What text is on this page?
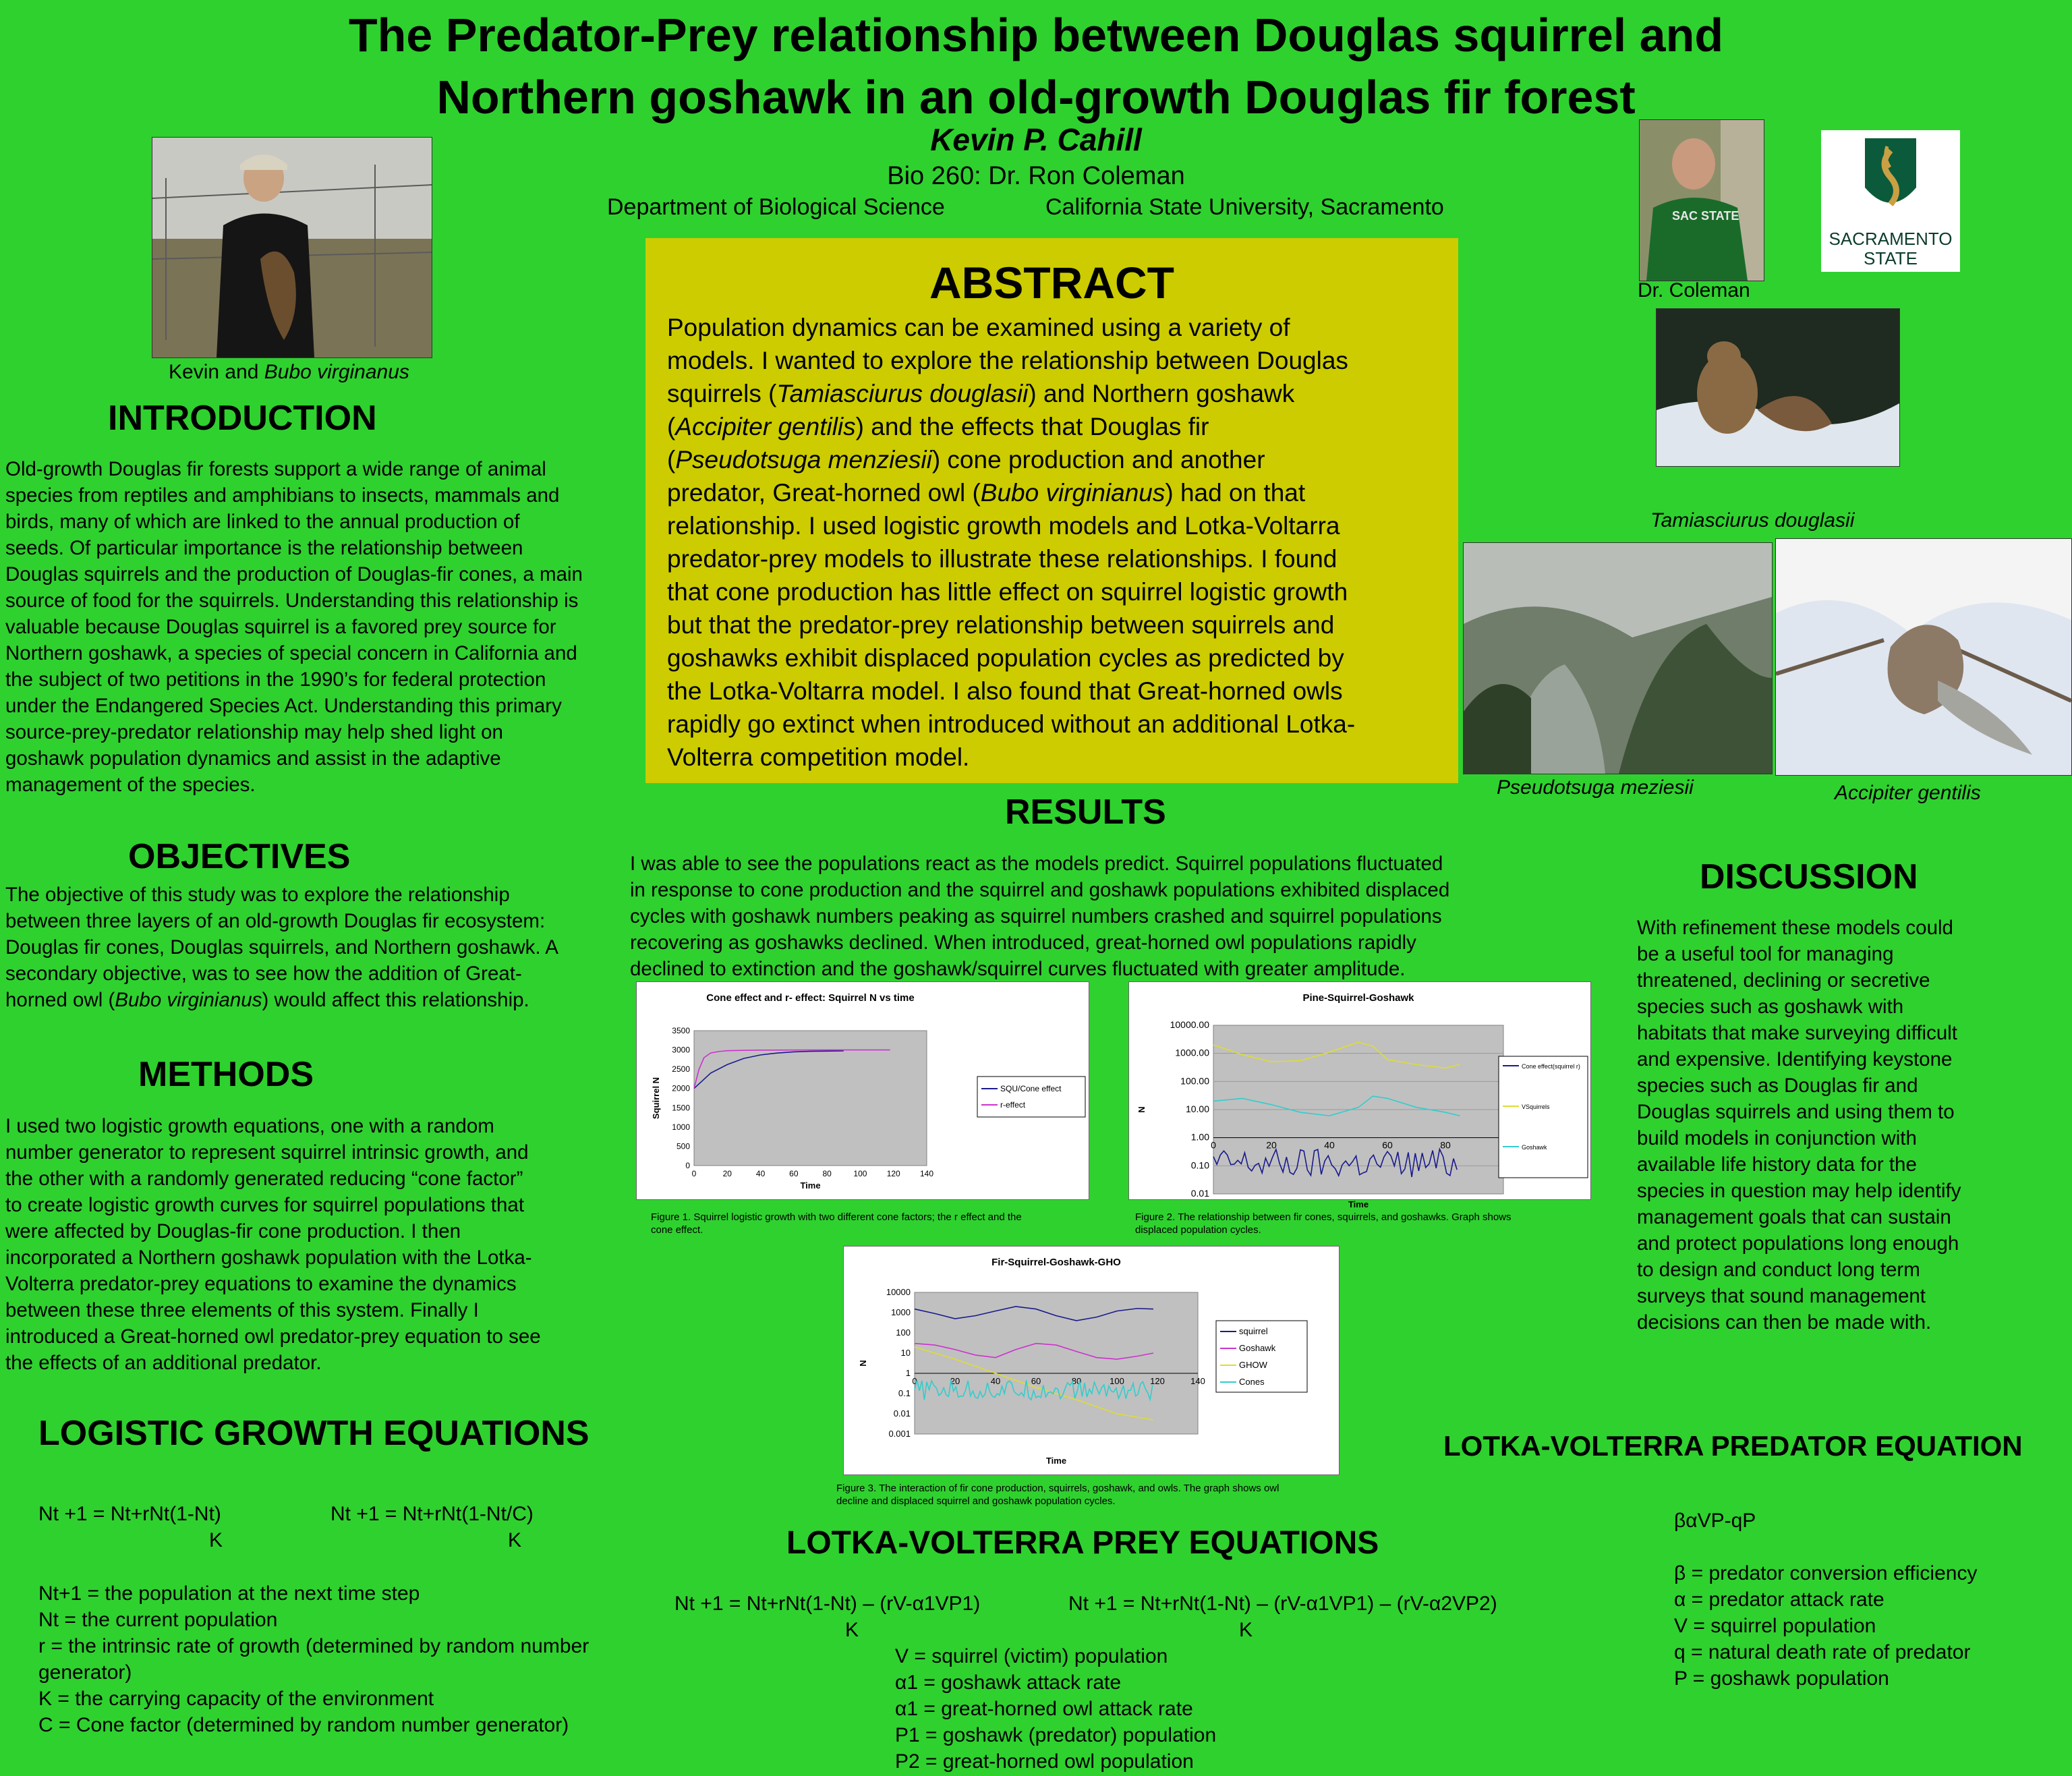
The Predator-Prey relationship between Douglas squirrel and
Northern goshawk in an old-growth Douglas fir forest
Kevin P. Cahill
Bio 260: Dr. Ron Coleman
Department of Biological Science	California State University, Sacramento
Kevin and Bubo virginanus
SAC STATE
Dr. Coleman
SACRAMENTO
STATE
Tamiasciurus douglasii
Pseudotsuga meziesii	Accipiter gentilis
ABSTRACT
Population dynamics can be examined using a variety of
models. I wanted to explore the relationship between Douglas
squirrels (Tamiasciurus douglasii) and Northern goshawk
(Accipiter gentilis) and the effects that Douglas fir
(Pseudotsuga menziesii) cone production and another
predator, Great-horned owl (Bubo virginianus) had on that
relationship. I used logistic growth models and Lotka-Voltarra
predator-prey models to illustrate these relationships. I found
that cone production has little effect on squirrel logistic growth
but that the predator-prey relationship between squirrels and
goshawks exhibit displaced population cycles as predicted by
the Lotka-Voltarra model. I also found that Great-horned owls
rapidly go extinct when introduced without an additional Lotka-
Volterra competition model.
INTRODUCTION
Old-growth Douglas fir forests support a wide range of animal
species from reptiles and amphibians to insects, mammals and
birds, many of which are linked to the annual production of
seeds. Of particular importance is the relationship between
Douglas squirrels and the production of Douglas-fir cones, a main
source of food for the squirrels. Understanding this relationship is
valuable because Douglas squirrel is a favored prey source for
Northern goshawk, a species of special concern in California and
the subject of two petitions in the 1990’s for federal protection
under the Endangered Species Act. Understanding this primary
source-prey-predator relationship may help shed light on
goshawk population dynamics and assist in the adaptive
management of the species.
OBJECTIVES
The objective of this study was to explore the relationship
between three layers of an old-growth Douglas fir ecosystem:
Douglas fir cones, Douglas squirrels, and Northern goshawk. A
secondary objective, was to see how the addition of Great-
horned owl (Bubo virginianus) would affect this relationship.
METHODS
I used two logistic growth equations, one with a random
number generator to represent squirrel intrinsic growth, and
the other with a randomly generated reducing “cone factor”
to create logistic growth curves for squirrel populations that
were affected by Douglas-fir cone production. I then
incorporated a Northern goshawk population with the Lotka-
Volterra predator-prey equations to examine the dynamics
between these three elements of this system. Finally I
introduced a Great-horned owl predator-prey equation to see
the effects of an additional predator.
LOGISTIC GROWTH EQUATIONS
Nt +1 = Nt+rNt(1-Nt)
K
Nt +1 = Nt+rNt(1-Nt/C)
K
Nt+1 = the population at the next time step
Nt = the current population
r = the intrinsic rate of growth (determined by random number
generator)
K = the carrying capacity of the environment
C = Cone factor (determined by random number generator)
RESULTS
I was able to see the populations react as the models predict. Squirrel populations fluctuated
in response to cone production and the squirrel and goshawk populations exhibited displaced
cycles with goshawk numbers peaking as squirrel numbers crashed and squirrel populations
recovering as goshawks declined. When introduced, great-horned owl populations rapidly
declined to extinction and the goshawk/squirrel curves fluctuated with greater amplitude.
Cone effect and r- effect: Squirrel N vs time
0
500
1000
1500
2000
2500
3000
3500
0	20	40	60	80	100 120 140
Time
Squirrel N	SQU/Cone effect
r-effect
Figure 1. Squirrel logistic growth with two different cone factors; the r effect and the
cone effect.
Pine-Squirrel-Goshawk
0.01
0.10
1.00
10.00
100.00
1000.00
10000.00
0	20	40	60	80
Time
N
Cone effect(squirrel r)
VSquirrels
Goshawk
Figure 2. The relationship between fir cones, squirrels, and goshawks. Graph shows
displaced population cycles.
Fir-Squirrel-Goshawk-GHO
0.001
0.01
0.1
1
10
100
1000
10000
0	20	40	60	80	100	120	140
Time
N
squirrel
Goshawk
GHOW
Cones
Figure 3. The interaction of fir cone production, squirrels, goshawk, and owls. The graph shows owl
decline and displaced squirrel and goshawk population cycles.
LOTKA-VOLTERRA PREY EQUATIONS
Nt +1 = Nt+rNt(1-Nt) – (rV-α1VP1)
K
Nt +1 = Nt+rNt(1-Nt) – (rV-α1VP1) – (rV-α2VP2)
K
V = squirrel (victim) population
α1 = goshawk attack rate
α1 = great-horned owl attack rate
P1 = goshawk (predator) population
P2 = great-horned owl population
DISCUSSION
With refinement these models could
be a useful tool for managing
threatened, declining or secretive
species such as goshawk with
habitats that make surveying difficult
and expensive. Identifying keystone
species such as Douglas fir and
Douglas squirrels and using them to
build models in conjunction with
available life history data for the
species in question may help identify
management goals that can sustain
and protect populations long enough
to design and conduct long term
surveys that sound management
decisions can then be made with.
LOTKA-VOLTERRA PREDATOR EQUATION
βαVP-qP
β = predator conversion efficiency
α = predator attack rate
V = squirrel population
q = natural death rate of predator
P = goshawk population
